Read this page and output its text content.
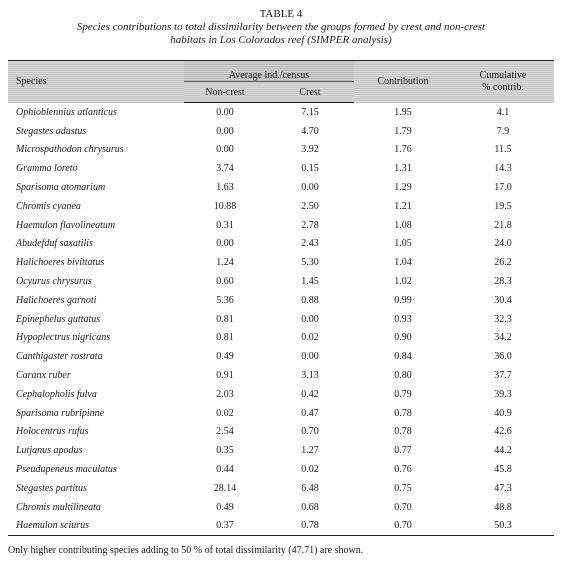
TABLE 4
Species contributions to total dissimilarity between the groups formed by crest and non-crest
habitats in Los Colorados reef (SIMPER analysis)
Species	Average ind./census		Contribution	Cumulative
% contrib.
	Non-crest	Crest		
Ophioblennius atlanticus	0.00	7.15	1.95	4.1
Stegastes adustus	0.00	4.70	1.79	7.9
Microspathodon chrysurus	0.00	3.92	1.76	11.5
Gramma loreto	3.74	0.15	1.31	14.3
Sparisoma atomarium	1.63	0.00	1.29	17.0
Chromis cyanea	10.88	2.50	1.21	19.5
Haemulon flavolineatum	0.31	2.78	1.08	21.8
Abudefduf saxatilis	0.00	2.43	1.05	24.0
Halichoeres bivittatus	1.24	5.30	1.04	26.2
Ocyurus chrysurus	0.60	1.45	1.02	28.3
Halichoeres garnoti	5.36	0.88	0.99	30.4
Epinephelus guttatus	0.81	0.00	0.93	32.3
Hypoplectrus nigricans	0.81	0.02	0.90	34.2
Canthigaster rostrata	0.49	0.00	0.84	36.0
Caranx ruber	0.91	3.13	0.80	37.7
Cephalopholis fulva	2.03	0.42	0.79	39.3
Sparisoma rubripinne	0.02	0.47	0.78	40.9
Holocentrus rufus	2.54	0.70	0.78	42.6
Lutjanus apodus	0.35	1.27	0.77	44.2
Pseudupeneus maculatus	0.44	0.02	0.76	45.8
Stegastes partitus	28.14	6.48	0.75	47.3
Chromis multilineata	0.49	0.68	0.70	48.8
Haemulon sciurus	0.37	0.78	0.70	50.3
Only higher contributing species adding to 50 % of total dissimilarity (47.71) are shown.
